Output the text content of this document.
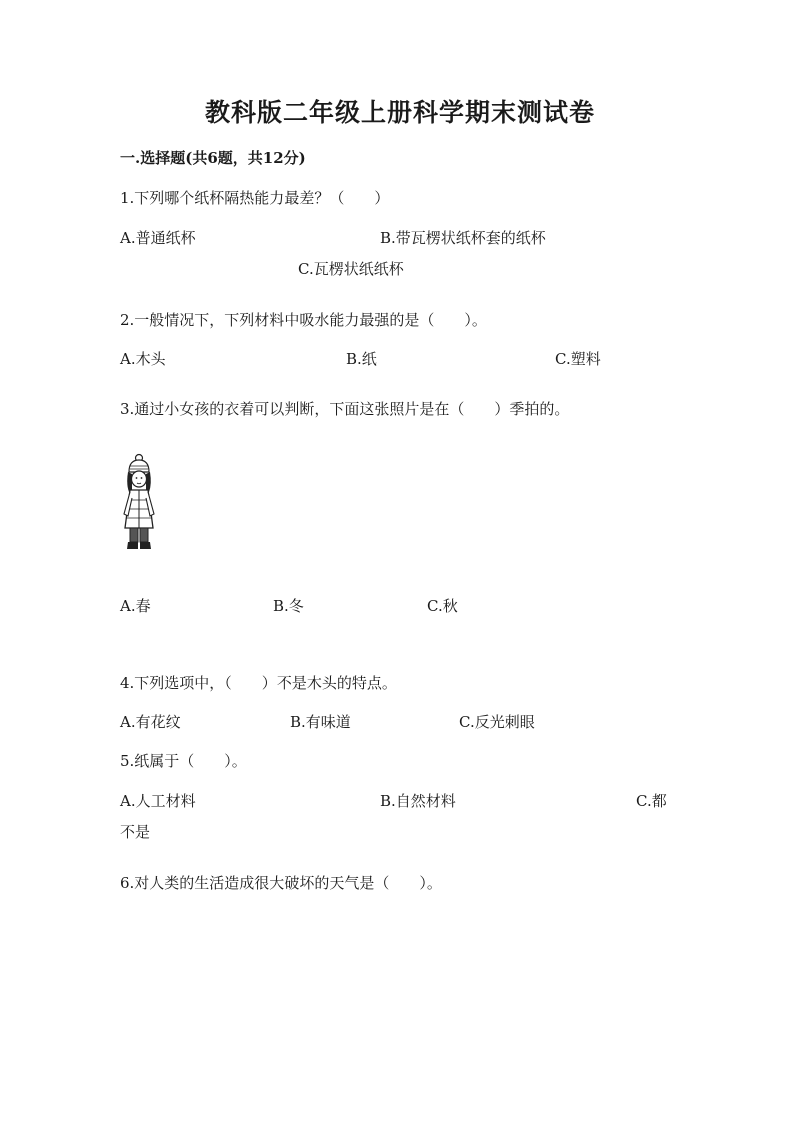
教科版二年级上册科学期末测试卷
一.选择题(共6题，共12分)
1.下列哪个纸杯隔热能力最差？（　　）
A.普通纸杯	B.带瓦楞状纸杯套的纸杯
C.瓦楞状纸纸杯
2.一般情况下，下列材料中吸水能力最强的是（　　）。
A.木头	B.纸	C.塑料
3.通过小女孩的衣着可以判断，下面这张照片是在（　　）季拍的。
A.春	B.冬	C.秋
4.下列选项中，（　　）不是木头的特点。
A.有花纹	B.有味道	C.反光刺眼
5.纸属于（　　）。
A.人工材料	B.自然材料	C.都
不是
6.对人类的生活造成很大破坏的天气是（　　）。
